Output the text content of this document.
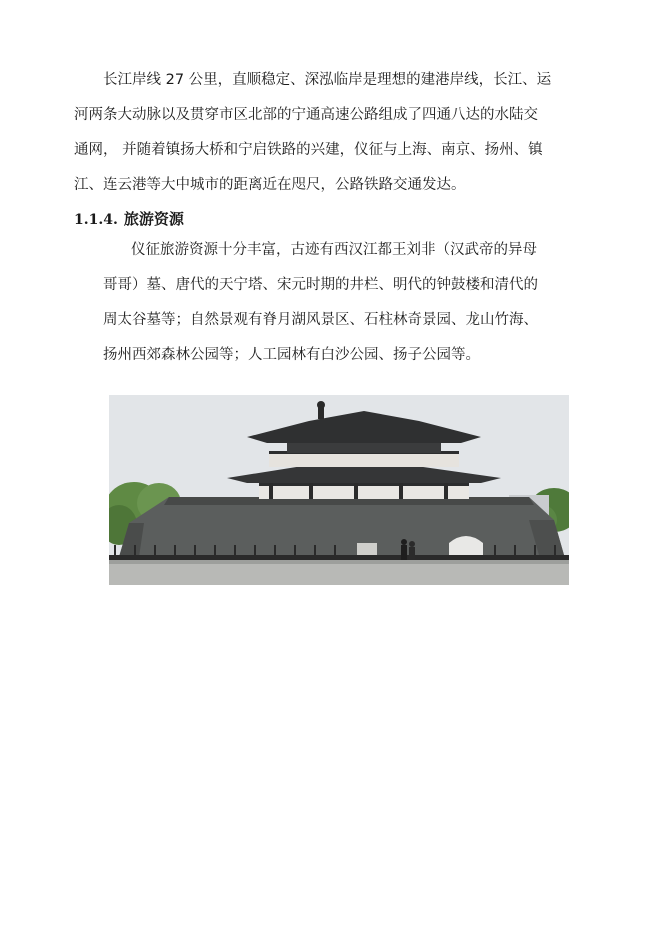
长江岸线 27 公里，直顺稳定、深泓临岸是理想的建港岸线，长江、运

河两条大动脉以及贯穿市区北部的宁通高速公路组成了四通八达的水陆交

通网， 并随着镇扬大桥和宁启铁路的兴建，仪征与上海、南京、扬州、镇

江、连云港等大中城市的距离近在咫尺，公路铁路交通发达。

1.1.4. 旅游资源

仪征旅游资源十分丰富，古迹有西汉江都王刘非（汉武帝的异母

哥哥）墓、唐代的天宁塔、宋元时期的井栏、明代的钟鼓楼和清代的

周太谷墓等；自然景观有脊月湖风景区、石柱林奇景园、龙山竹海、

扬州西郊森林公园等；人工园林有白沙公园、扬子公园等。
